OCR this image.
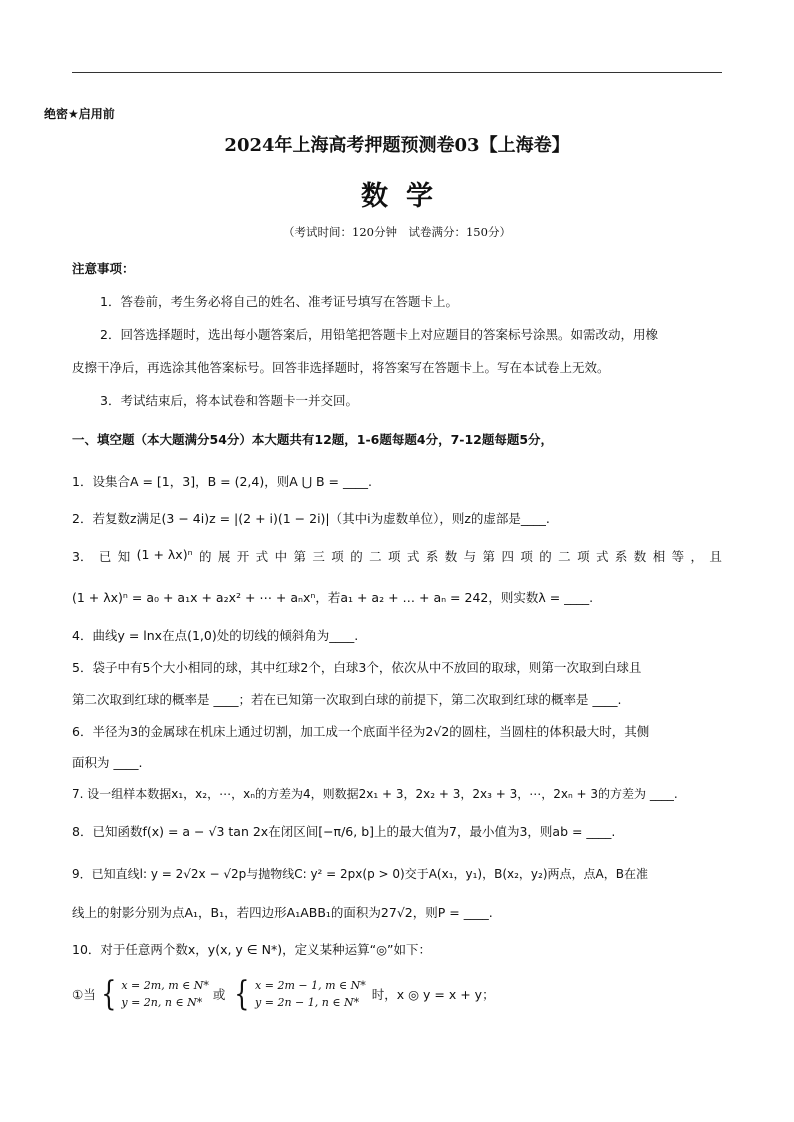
绝密★启用前
2024年上海高考押题预测卷03【上海卷】
数学
（考试时间：120分钟　试卷满分：150分）
注意事项：
1．答卷前，考生务必将自己的姓名、准考证号填写在答题卡上。
2．回答选择题时，选出每小题答案后，用铅笔把答题卡上对应题目的答案标号涂黑。如需改动，用橡
皮擦干净后，再选涂其他答案标号。回答非选择题时，将答案写在答题卡上。写在本试卷上无效。
3．考试结束后，将本试卷和答题卡一并交回。
一、填空题（本大题满分54分）本大题共有12题，1-6题每题4分，7-12题每题5分，
1．设集合A = [1，3]，B = (2,4)，则A ⋃ B = ____.
2．若复数z满足(3 − 4i)z = |(2 + i)(1 − 2i)|（其中i为虚数单位），则z的虚部是____.
3． 已 知 (1 + λx)ⁿ 的 展 开 式 中 第 三 项 的 二 项 式 系 数 与 第 四 项 的 二 项 式 系 数 相 等 ， 且
(1 + λx)ⁿ = a₀ + a₁x + a₂x² + ⋯ + aₙxⁿ，若a₁ + a₂ + … + aₙ = 242，则实数λ = ____.
4．曲线y = lnx在点(1,0)处的切线的倾斜角为____.
5．袋子中有5个大小相同的球，其中红球2个，白球3个，依次从中不放回的取球，则第一次取到白球且
第二次取到红球的概率是 ____；若在已知第一次取到白球的前提下，第二次取到红球的概率是 ____.
6．半径为3的金属球在机床上通过切割，加工成一个底面半径为2√2的圆柱，当圆柱的体积最大时，其侧
面积为 ____.
7. 设一组样本数据x₁，x₂，⋯，xₙ的方差为4，则数据2x₁ + 3，2x₂ + 3，2x₃ + 3，⋯，2xₙ + 3的方差为 ____.
8．已知函数f(x) = a − √3 tan 2x在闭区间[−π/6, b]上的最大值为7，最小值为3，则ab = ____.
9．已知直线l: y = 2√2x − √2p与抛物线C: y² = 2px(p > 0)交于A(x₁，y₁)，B(x₂，y₂)两点，点A，B在准
线上的射影分别为点A₁，B₁，若四边形A₁ABB₁的面积为27√2，则P = ____.
10．对于任意两个数x，y(x, y ∈ N*)，定义某种运算“◎”如下：
①当 { x = 2m, m ∈ N*
y = 2n, n ∈ N*
或 { x = 2m − 1, m ∈ N*
y = 2n − 1, n ∈ N*
时，x ◎ y = x + y；
